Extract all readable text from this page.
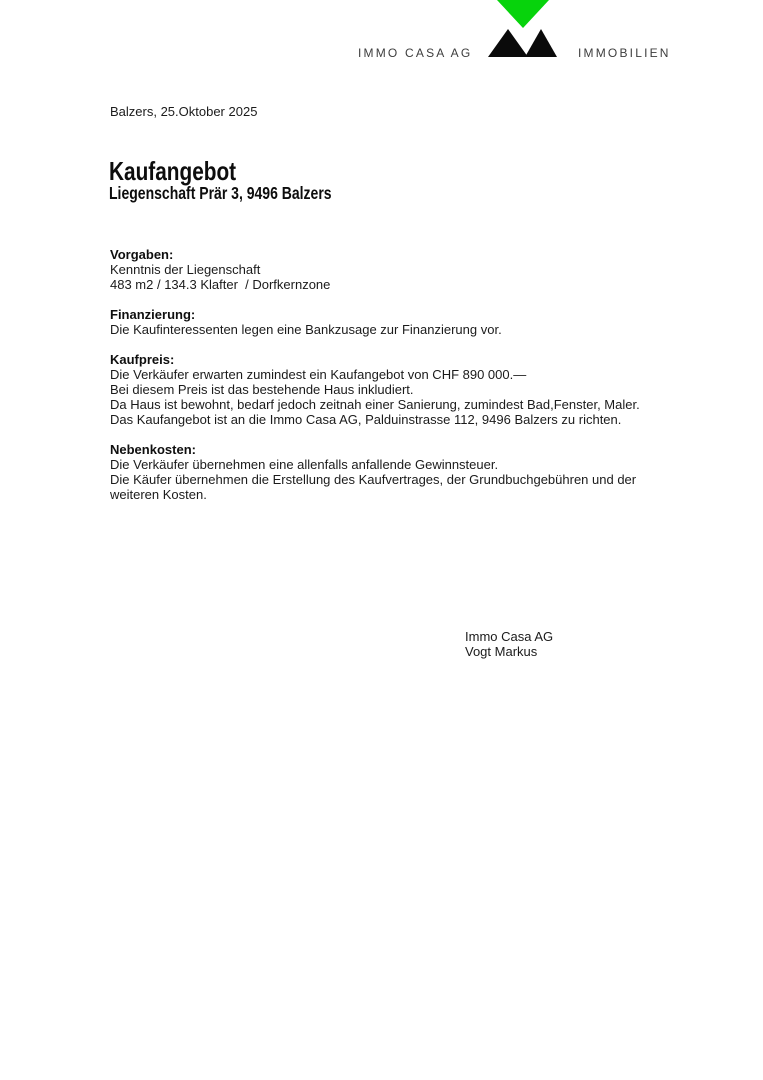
IMMO CASA AG	IMMOBILIEN
Balzers, 25.Oktober 2025
Kaufangebot
Liegenschaft Prär 3, 9496 Balzers
Vorgaben:
Kenntnis der Liegenschaft
483 m2 / 134.3 Klafter  / Dorfkernzone
Finanzierung:
Die Kaufinteressenten legen eine Bankzusage zur Finanzierung vor.
Kaufpreis:
Die Verkäufer erwarten zumindest ein Kaufangebot von CHF 890 000.—
Bei diesem Preis ist das bestehende Haus inkludiert.
Da Haus ist bewohnt, bedarf jedoch zeitnah einer Sanierung, zumindest Bad,Fenster, Maler.
Das Kaufangebot ist an die Immo Casa AG, Palduinstrasse 112, 9496 Balzers zu richten.
Nebenkosten:
Die Verkäufer übernehmen eine allenfalls anfallende Gewinnsteuer.
Die Käufer übernehmen die Erstellung des Kaufvertrages, der Grundbuchgebühren und der
weiteren Kosten.
Immo Casa AG
Vogt Markus
